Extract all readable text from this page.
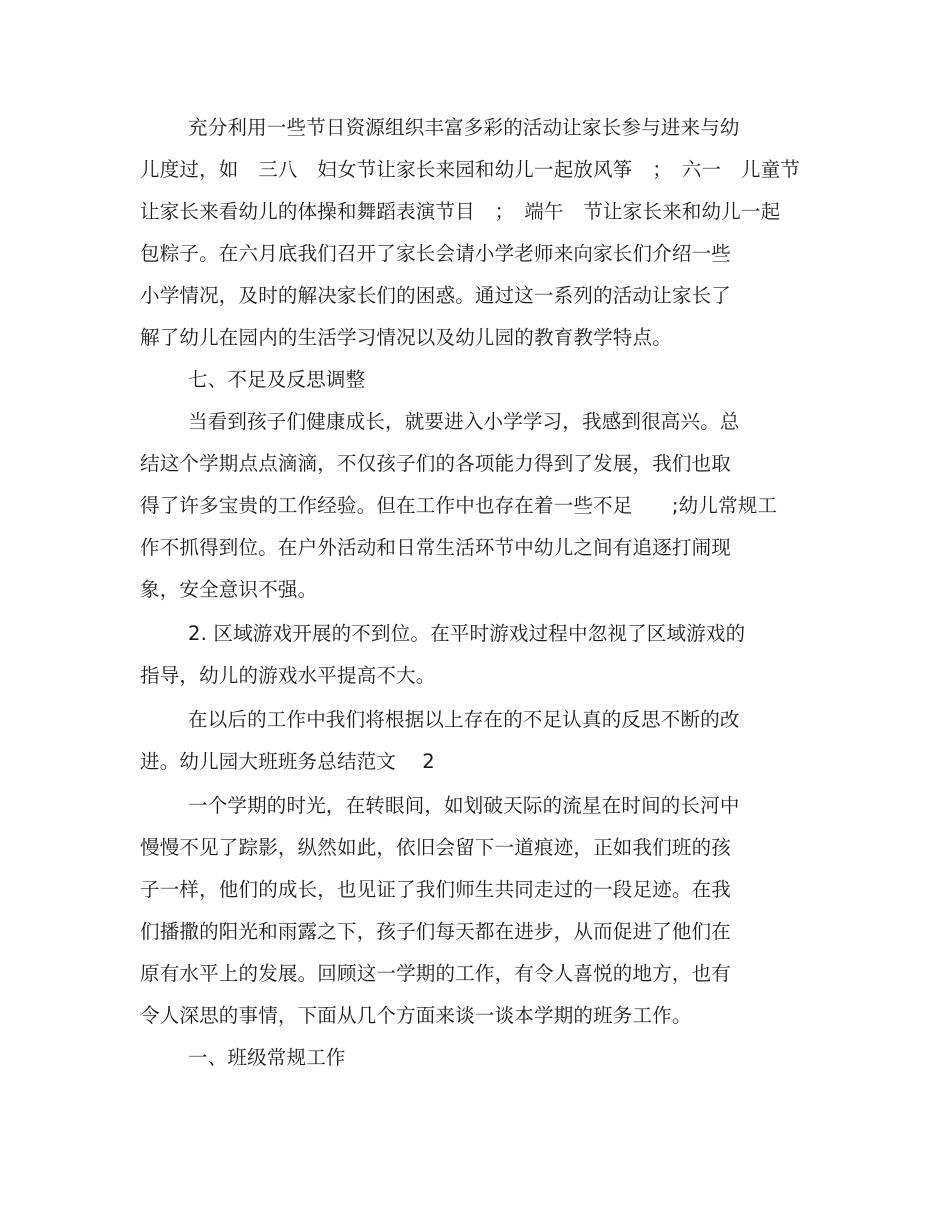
充分利用一些节日资源组织丰富多彩的活动让家长参与进来与幼
儿度过，如　三八　妇女节让家长来园和幼儿一起放风筝　；　六一　儿童节
让家长来看幼儿的体操和舞蹈表演节目　；　端午　节让家长来和幼儿一起
包粽子。在六月底我们召开了家长会请小学老师来向家长们介绍一些
小学情况，及时的解决家长们的困惑。通过这一系列的活动让家长了
解了幼儿在园内的生活学习情况以及幼儿园的教育教学特点。
七、不足及反思调整
当看到孩子们健康成长，就要进入小学学习，我感到很高兴。总
结这个学期点点滴滴，不仅孩子们的各项能力得到了发展，我们也取
得了许多宝贵的工作经验。但在工作中也存在着一些不足　　;幼儿常规工
作不抓得到位。在户外活动和日常生活环节中幼儿之间有追逐打闹现
象，安全意识不强。
2. 区域游戏开展的不到位。在平时游戏过程中忽视了区域游戏的
指导，幼儿的游戏水平提高不大。
在以后的工作中我们将根据以上存在的不足认真的反思不断的改
进。幼儿园大班班务总结范文　 2
一个学期的时光，在转眼间，如划破天际的流星在时间的长河中
慢慢不见了踪影，纵然如此，依旧会留下一道痕迹，正如我们班的孩
子一样，他们的成长，也见证了我们师生共同走过的一段足迹。在我
们播撒的阳光和雨露之下，孩子们每天都在进步，从而促进了他们在
原有水平上的发展。回顾这一学期的工作，有令人喜悦的地方，也有
令人深思的事情，下面从几个方面来谈一谈本学期的班务工作。
一、班级常规工作
